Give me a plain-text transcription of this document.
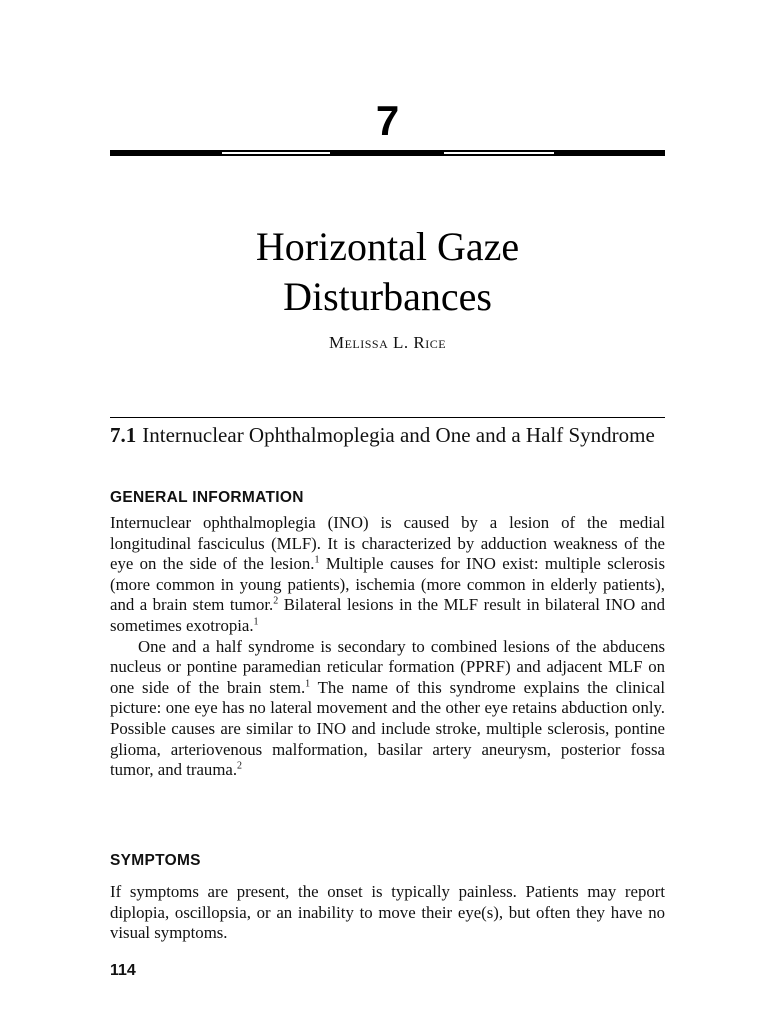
7
Horizontal Gaze
Disturbances
Melissa L. Rice
7.1 Internuclear Ophthalmoplegia and One and a Half Syndrome
GENERAL INFORMATION

Internuclear ophthalmoplegia (INO) is caused by a lesion of the medial longitudinal fasciculus (MLF). It is characterized by adduction weakness of the eye on the side of the lesion.$^1$ Multiple causes for INO exist: multiple sclerosis (more common in young patients), ischemia (more common in elderly patients), and a brain stem tumor.$^2$ Bilateral lesions in the MLF result in bilateral INO and sometimes exotropia.$^1$

One and a half syndrome is secondary to combined lesions of the abducens nucleus or pontine paramedian reticular formation (PPRF) and adjacent MLF on one side of the brain stem.$^1$ The name of this syndrome explains the clinical picture: one eye has no lateral movement and the other eye retains abduction only. Possible causes are similar to INO and include stroke, multiple sclerosis, pontine glioma, arteriovenous malformation, basilar artery aneurysm, posterior fossa tumor, and trauma.$^2$

SYMPTOMS

If symptoms are present, the onset is typically painless. Patients may report diplopia, oscillopsia, or an inability to move their eye(s), but often they have no visual symptoms.

114
